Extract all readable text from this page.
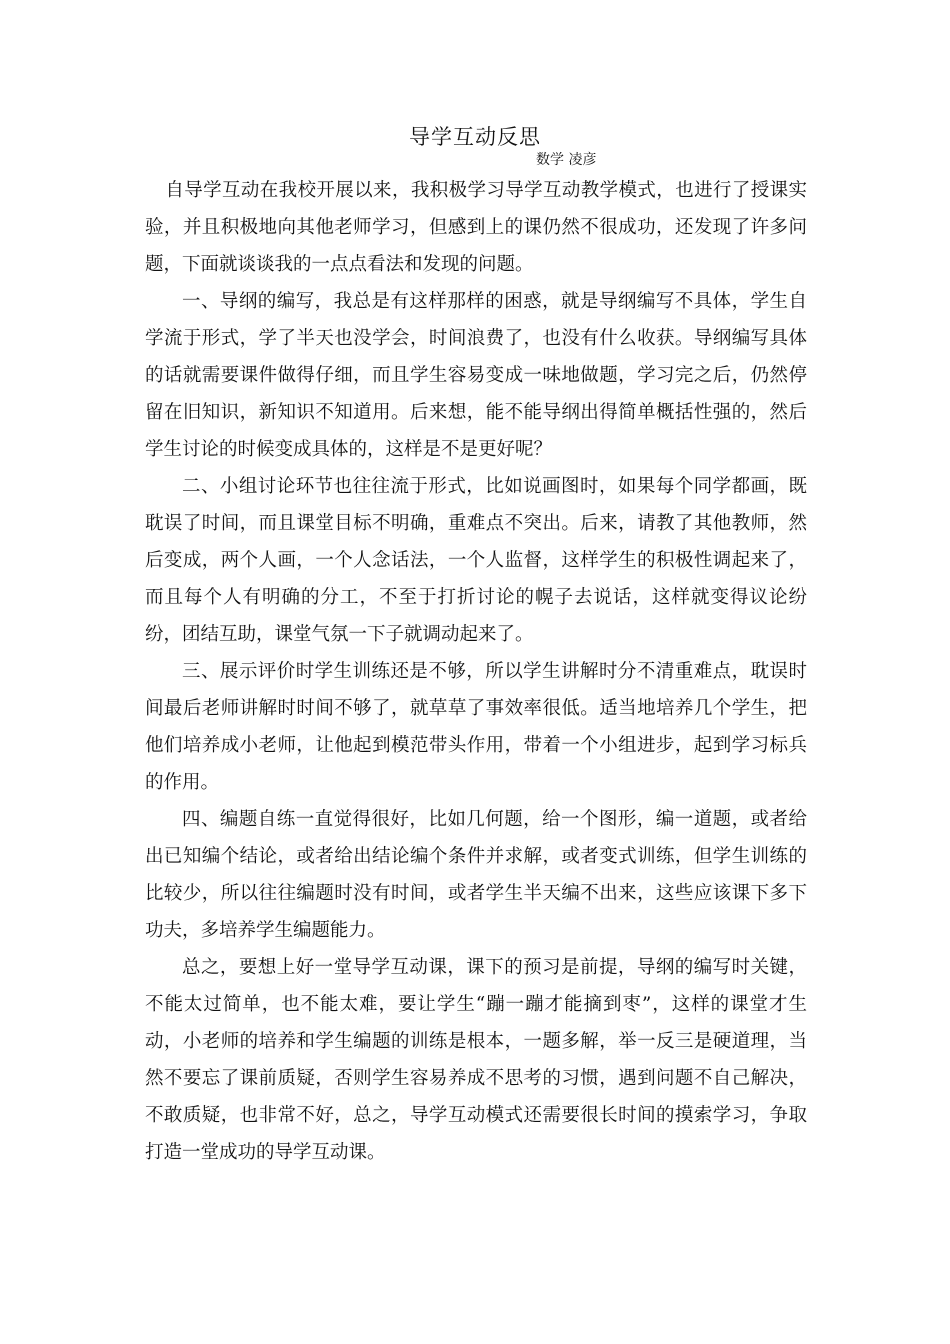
导学互动反思
数学 凌彦

自导学互动在我校开展以来，我积极学习导学互动教学模式，也进行了授课实验，并且积极地向其他老师学习，但感到上的课仍然不很成功，还发现了许多问题，下面就谈谈我的一点点看法和发现的问题。

一、导纲的编写，我总是有这样那样的困惑，就是导纲编写不具体，学生自学流于形式，学了半天也没学会，时间浪费了，也没有什么收获。导纲编写具体的话就需要课件做得仔细，而且学生容易变成一味地做题，学习完之后，仍然停留在旧知识，新知识不知道用。后来想，能不能导纲出得简单概括性强的，然后学生讨论的时候变成具体的，这样是不是更好呢？

二、小组讨论环节也往往流于形式，比如说画图时，如果每个同学都画，既耽误了时间，而且课堂目标不明确，重难点不突出。后来，请教了其他教师，然后变成，两个人画，一个人念话法，一个人监督，这样学生的积极性调起来了，而且每个人有明确的分工，不至于打折讨论的幌子去说话，这样就变得议论纷纷，团结互助，课堂气氛一下子就调动起来了。

三、展示评价时学生训练还是不够，所以学生讲解时分不清重难点，耽误时间最后老师讲解时时间不够了，就草草了事效率很低。适当地培养几个学生，把他们培养成小老师，让他起到模范带头作用，带着一个小组进步，起到学习标兵的作用。

四、编题自练一直觉得很好，比如几何题，给一个图形，编一道题，或者给出已知编个结论，或者给出结论编个条件并求解，或者变式训练，但学生训练的比较少，所以往往编题时没有时间，或者学生半天编不出来，这些应该课下多下功夫，多培养学生编题能力。

总之，要想上好一堂导学互动课，课下的预习是前提，导纲的编写时关键，不能太过简单，也不能太难，要让学生“蹦一蹦才能摘到枣”，这样的课堂才生动，小老师的培养和学生编题的训练是根本，一题多解，举一反三是硬道理，当然不要忘了课前质疑，否则学生容易养成不思考的习惯，遇到问题不自己解决，不敢质疑，也非常不好，总之，导学互动模式还需要很长时间的摸索学习，争取打造一堂成功的导学互动课。
